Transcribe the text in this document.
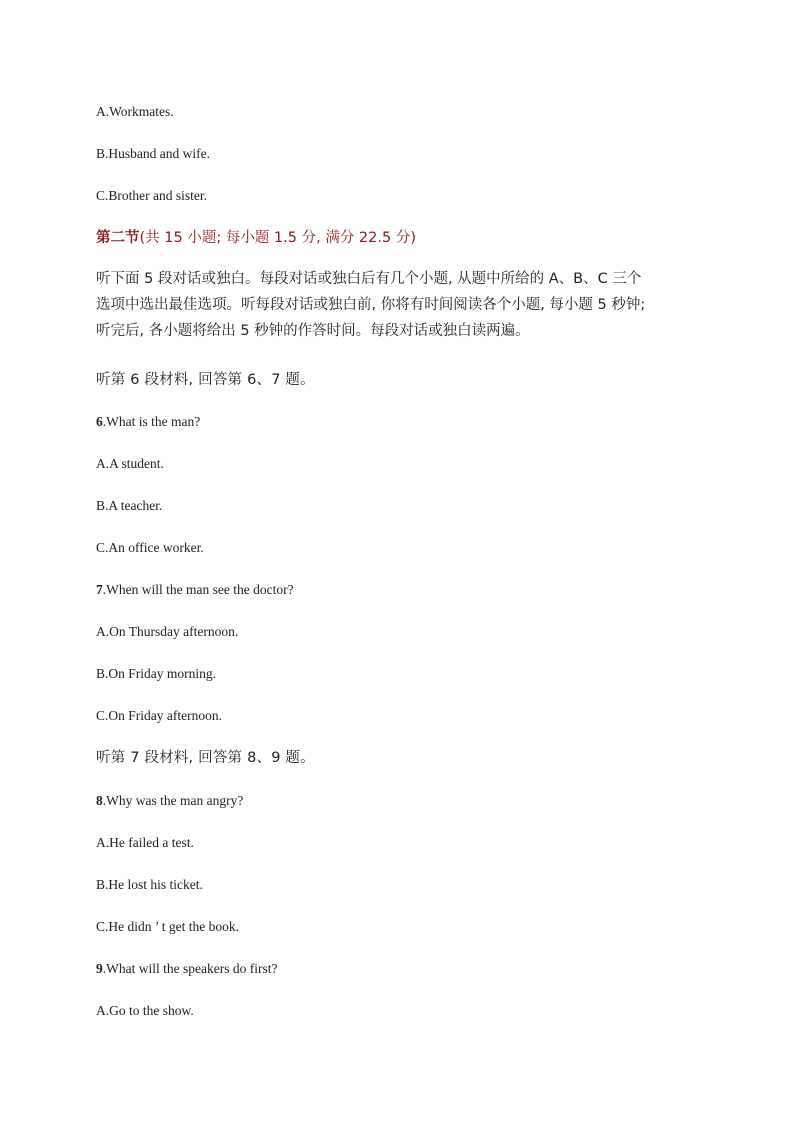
A.Workmates.
B.Husband and wife.
C.Brother and sister.
第二节(共 15 小题; 每小题 1.5 分, 满分 22.5 分)
听下面 5 段对话或独白。每段对话或独白后有几个小题, 从题中所给的 A、B、C 三个
选项中选出最佳选项。听每段对话或独白前, 你将有时间阅读各个小题, 每小题 5 秒钟;
听完后, 各小题将给出 5 秒钟的作答时间。每段对话或独白读两遍。
听第 6 段材料, 回答第 6、7 题。
6.What is the man?
A.A student.
B.A teacher.
C.An office worker.
7.When will the man see the doctor?
A.On Thursday afternoon.
B.On Friday morning.
C.On Friday afternoon.
听第 7 段材料, 回答第 8、9 题。
8.Why was the man angry?
A.He failed a test.
B.He lost his ticket.
C.He didn ’ t get the book.
9.What will the speakers do first?
A.Go to the show.
